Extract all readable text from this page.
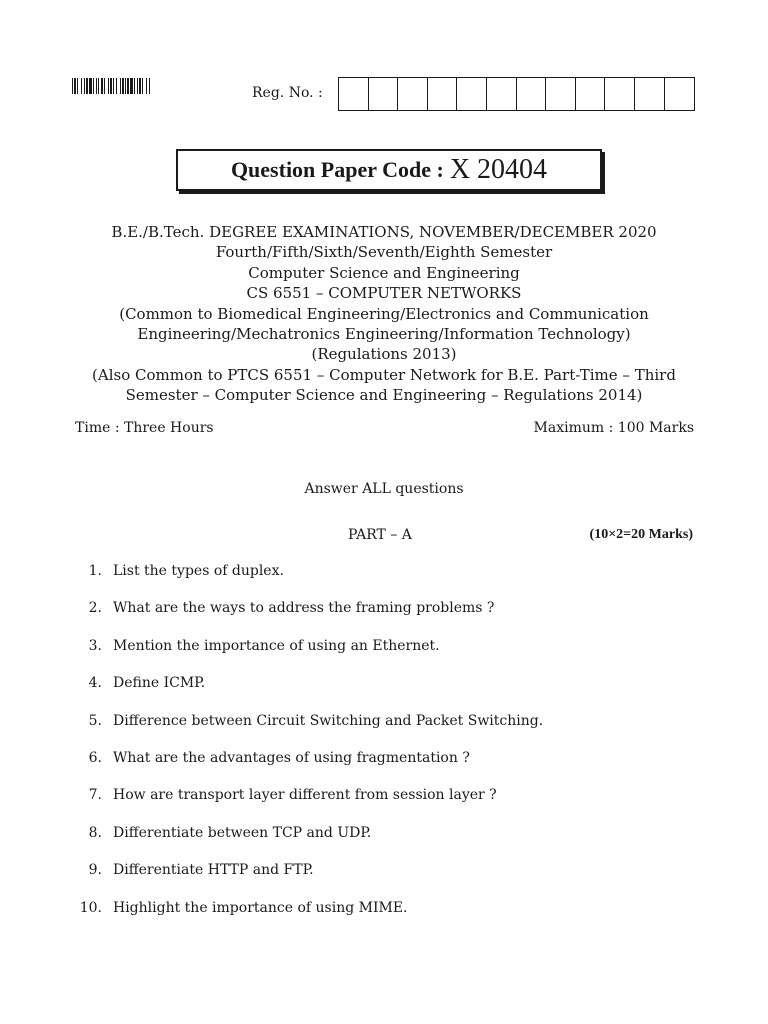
Reg. No. :
Question Paper Code : X 20404
B.E./B.Tech. DEGREE EXAMINATIONS, NOVEMBER/DECEMBER 2020
Fourth/Fifth/Sixth/Seventh/Eighth Semester
Computer Science and Engineering
CS 6551 – COMPUTER NETWORKS
(Common to Biomedical Engineering/Electronics and Communication
Engineering/Mechatronics Engineering/Information Technology)
(Regulations 2013)
(Also Common to PTCS 6551 – Computer Network for B.E. Part-Time – Third
Semester – Computer Science and Engineering – Regulations 2014)
Time : Three Hours	Maximum : 100 Marks
Answer ALL questions
PART – A	(10×2=20 Marks)
1. List the types of duplex.
2. What are the ways to address the framing problems ?
3. Mention the importance of using an Ethernet.
4. Define ICMP.
5. Difference between Circuit Switching and Packet Switching.
6. What are the advantages of using fragmentation ?
7. How are transport layer different from session layer ?
8. Differentiate between TCP and UDP.
9. Differentiate HTTP and FTP.
10. Highlight the importance of using MIME.
